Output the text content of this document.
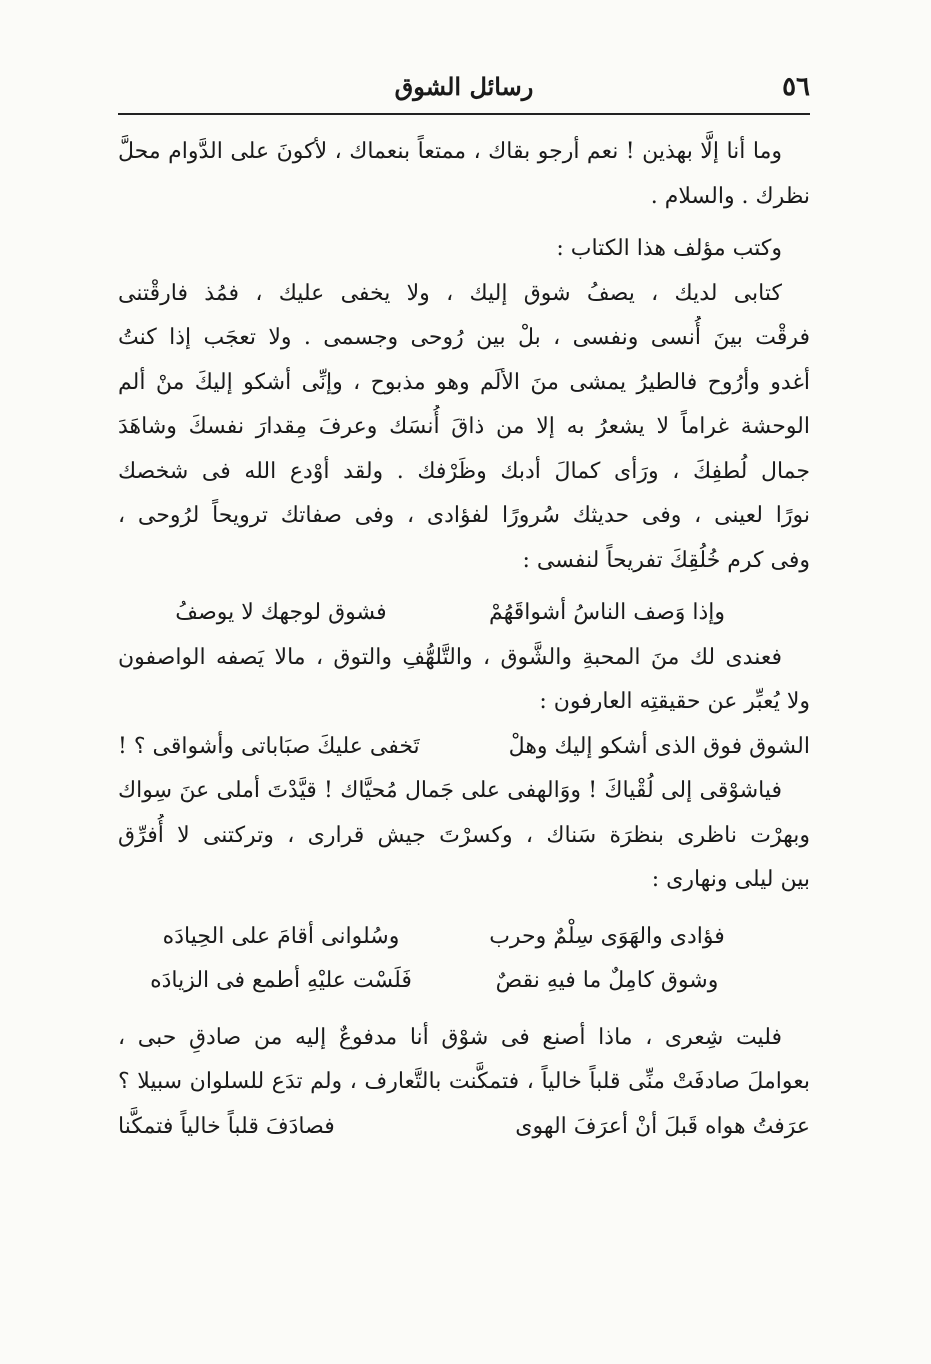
٥٦
رسائل الشوق
وما أنا إلَّا بهذين ! نعم أرجو بقاك ، ممتعاً بنعماك ، لأكونَ على الدَّوام محلَّ
نظرك . والسلام .
وكتب مؤلف هذا الكتاب :
كتابى لديك ، يصفُ شوق إليك ، ولا يخفى عليك ، فمُذ فارقْتنى
فرقْت بينَ أُنسى ونفسى ، بلْ بين رُوحى وجسمى . ولا تعجَب إذا كنتُ
أغدو وأرُوح فالطيرُ يمشى منَ الألَم وهو مذبوح ، وإنِّى أشكو إليكَ منْ ألم
الوحشة غراماً لا يشعرُ به إلا من ذاقَ أُنسَك وعرفَ مِقدارَ نفسكَ وشاهَدَ
جمال لُطفِكَ ، ورَأى كمالَ أدبك وظَرْفك . ولقد أوْدع الله فى شخصك
نورًا لعينى ، وفى حديثك سُرورًا لفؤادى ، وفى صفاتك ترويحاً لرُوحى ،
وفى كرم خُلُقِكَ تفريحاً لنفسى :
وإذا وَصف الناسُ أشواقَهُمْ
فشوق لوجهك لا يوصفُ
فعندى لك منَ المحبةِ والشَّوق ، والتَّلهُّفِ والتوق ، مالا يَصفه الواصفون
ولا يُعبِّر عن حقيقتِه العارفون :
الشوق فوق الذى أشكو إليك وهلْ
تَخفى عليكَ صبَاباتى وأشواقى ؟ !
فياشوْقى إلى لُقْياكَ ! ووَالهفى على جَمال مُحيَّاك ! قيَّدْتَ أملى عنَ سِواك
وبهرْت ناظرى بنظرَة سَناك ، وكسرْتَ جيش قرارى ، وتركتنى لا أُفرِّق
بين ليلى ونهارى :
فؤادى والهَوَى سِلْمٌ وحرب
وسُلوانى أقامَ على الحِيادَه
وشوق كامِلٌ ما فيهِ نقصٌ
فَلَسْت عليْهِ أطمع فى الزيادَه
فليت شِعرى ، ماذا أصنع فى شوْق أنا مدفوعٌ إليه من صادقِ حبى ،
بعواملَ صادفَتْ منِّى قلباً خالياً ، فتمكَّنت بالتَّعارف ، ولم تدَع للسلوان سبيلا ؟
عرَفتُ هواه قَبلَ أنْ أعرَفَ الهوى
فصادَفَ قلباً خالياً فتمكَّنا
